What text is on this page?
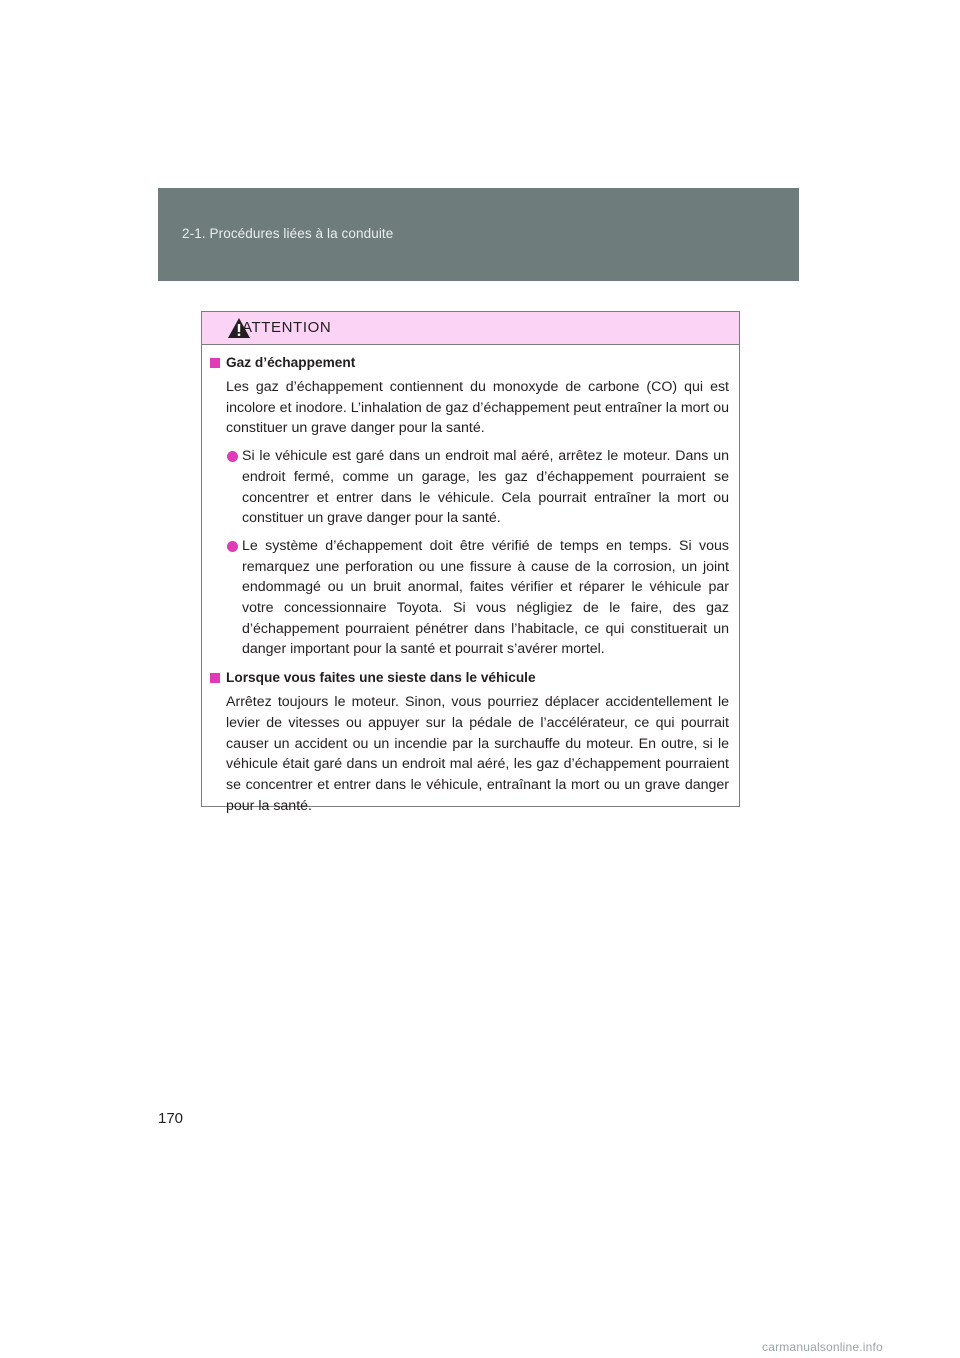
2-1. Procédures liées à la conduite
ATTENTION
Gaz d’échappement
Les gaz d’échappement contiennent du monoxyde de carbone (CO) qui est incolore et inodore. L’inhalation de gaz d’échappement peut entraîner la mort ou constituer un grave danger pour la santé.
Si le véhicule est garé dans un endroit mal aéré, arrêtez le moteur. Dans un endroit fermé, comme un garage, les gaz d’échappement pourraient se concentrer et entrer dans le véhicule. Cela pourrait entraîner la mort ou constituer un grave danger pour la santé.
Le système d’échappement doit être vérifié de temps en temps. Si vous remarquez une perforation ou une fissure à cause de la corrosion, un joint endommagé ou un bruit anormal, faites vérifier et réparer le véhicule par votre concessionnaire Toyota. Si vous négligiez de le faire, des gaz d’échappement pourraient pénétrer dans l’habitacle, ce qui constituerait un danger important pour la santé et pourrait s’avérer mortel.
Lorsque vous faites une sieste dans le véhicule
Arrêtez toujours le moteur. Sinon, vous pourriez déplacer accidentellement le levier de vitesses ou appuyer sur la pédale de l’accélérateur, ce qui pourrait causer un accident ou un incendie par la surchauffe du moteur. En outre, si le véhicule était garé dans un endroit mal aéré, les gaz d’échappement pourraient se concentrer et entrer dans le véhicule, entraînant la mort ou un grave danger pour la santé.
170
carmanualsonline.info
